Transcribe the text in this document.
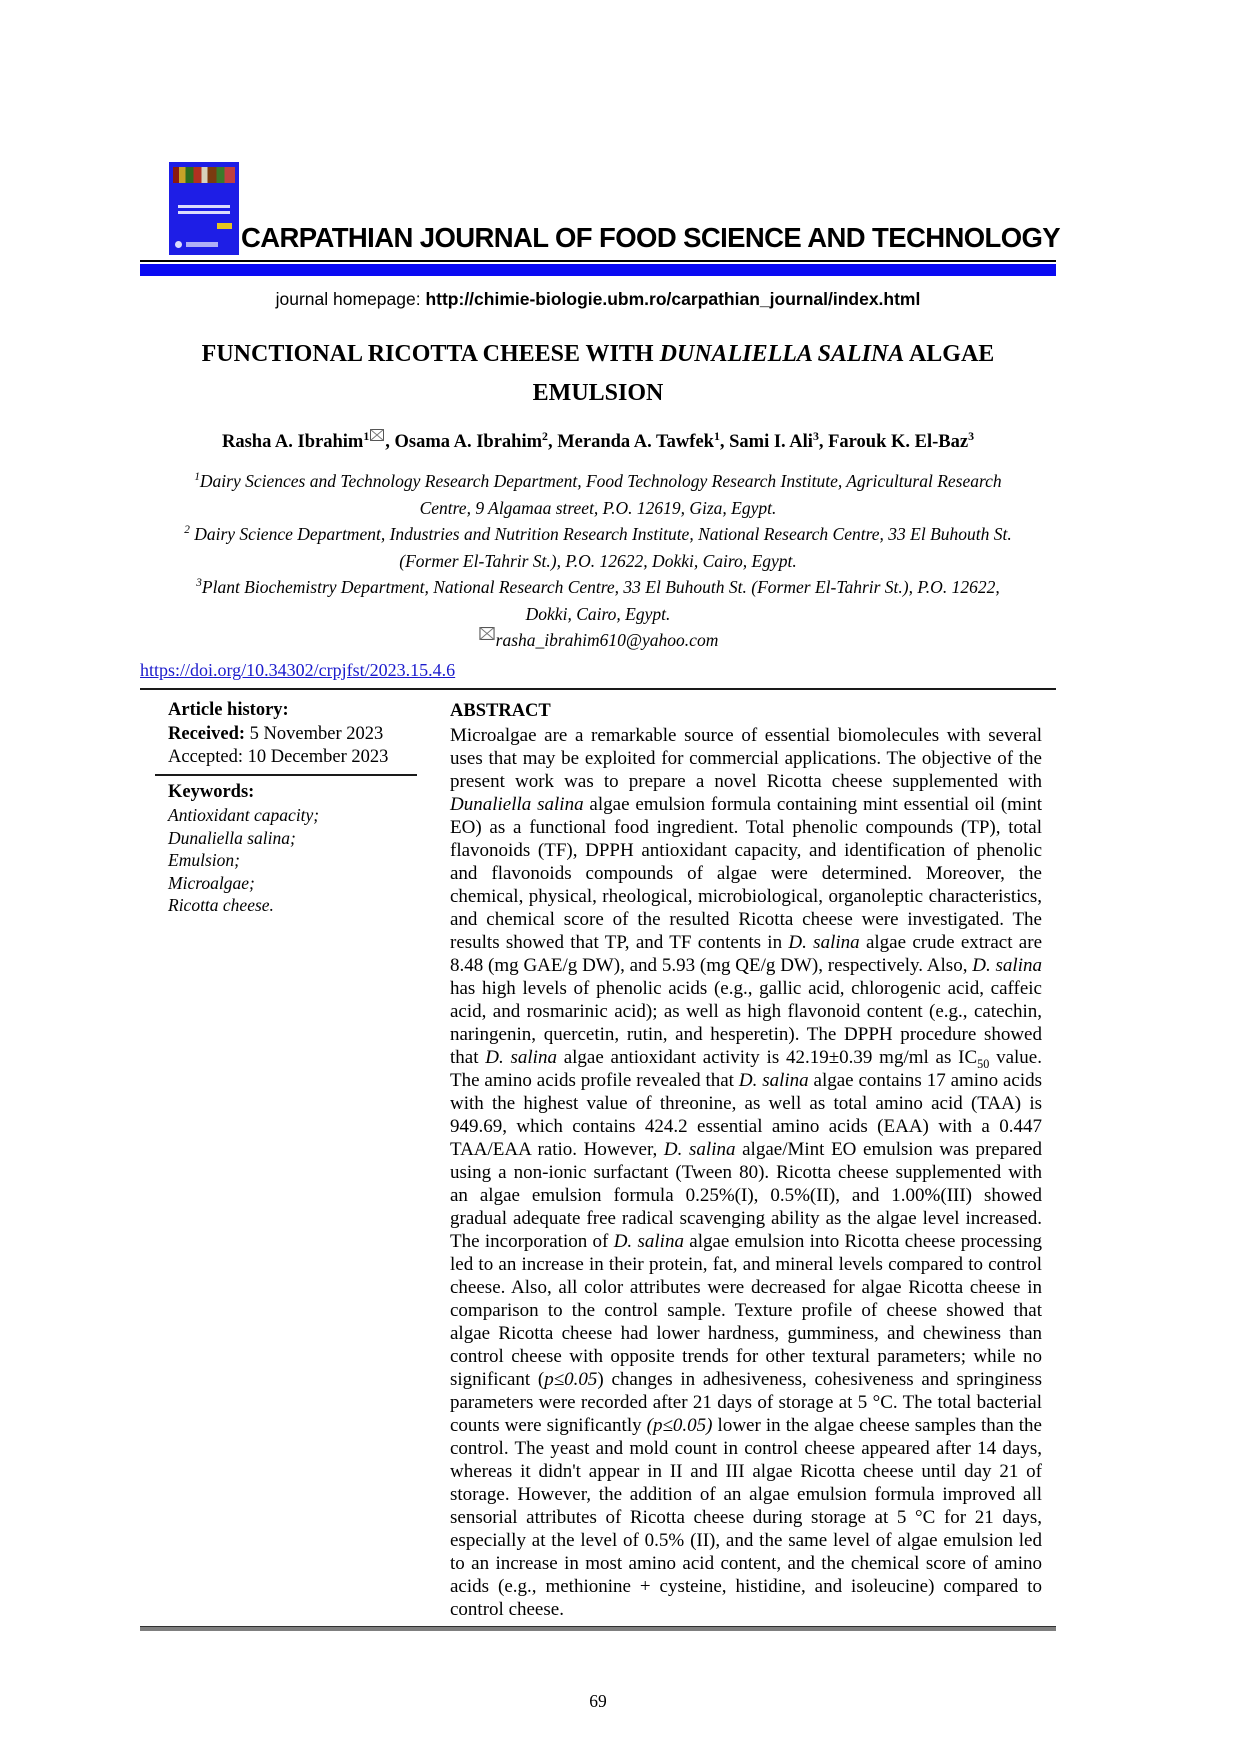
CARPATHIAN JOURNAL OF FOOD SCIENCE AND TECHNOLOGY
journal homepage: http://chimie-biologie.ubm.ro/carpathian_journal/index.html
FUNCTIONAL RICOTTA CHEESE WITH DUNALIELLA SALINA ALGAE EMULSION
Rasha A. Ibrahim$^1$ , Osama A. Ibrahim$^2$, Meranda A. Tawfek$^1$, Sami I. Ali$^3$, Farouk K. El-Baz$^3$

$^1$Dairy Sciences and Technology Research Department, Food Technology Research Institute, Agricultural Research Centre, 9 Algamaa street, P.O. 12619, Giza, Egypt.

$^2$ Dairy Science Department, Industries and Nutrition Research Institute, National Research Centre, 33 El Buhouth St. (Former El-Tahrir St.), P.O. 12622, Dokki, Cairo, Egypt.

$^3$Plant Biochemistry Department, National Research Centre, 33 El Buhouth St. (Former El-Tahrir St.), P.O. 12622, Dokki, Cairo, Egypt.

rasha_ibrahim610@yahoo.com
https://doi.org/10.34302/crpjfst/2023.15.4.6
Article history:
Received: 5 November 2023
Accepted: 10 December 2023
Keywords:
Antioxidant capacity;
Dunaliella salina;
Emulsion;
Microalgae;
Ricotta cheese.
ABSTRACT

Microalgae are a remarkable source of essential biomolecules with several uses that may be exploited for commercial applications. The objective of the present work was to prepare a novel Ricotta cheese supplemented with Dunaliella salina algae emulsion formula containing mint essential oil (mint EO) as a functional food ingredient. Total phenolic compounds (TP), total flavonoids (TF), DPPH antioxidant capacity, and identification of phenolic and flavonoids compounds of algae were determined. Moreover, the chemical, physical, rheological, microbiological, organoleptic characteristics, and chemical score of the resulted Ricotta cheese were investigated. The results showed that TP, and TF contents in D. salina algae crude extract are 8.48 (mg GAE/g DW), and 5.93 (mg QE/g DW), respectively. Also, D. salina has high levels of phenolic acids (e.g., gallic acid, chlorogenic acid, caffeic acid, and rosmarinic acid); as well as high flavonoid content (e.g., catechin, naringenin, quercetin, rutin, and hesperetin). The DPPH procedure showed that D. salina algae antioxidant activity is 42.19±0.39 mg/ml as $IC_{50}$ value. The amino acids profile revealed that D. salina algae contains 17 amino acids with the highest value of threonine, as well as total amino acid (TAA) is 949.69, which contains 424.2 essential amino acids (EAA) with a 0.447 TAA/EAA ratio. However, D. salina algae/Mint EO emulsion was prepared using a non-ionic surfactant (Tween 80). Ricotta cheese supplemented with an algae emulsion formula 0.25%(I), 0.5%(II), and 1.00%(III) showed gradual adequate free radical scavenging ability as the algae level increased. The incorporation of D. salina algae emulsion into Ricotta cheese processing led to an increase in their protein, fat, and mineral levels compared to control cheese. Also, all color attributes were decreased for algae Ricotta cheese in comparison to the control sample. Texture profile of cheese showed that algae Ricotta cheese had lower hardness, gumminess, and chewiness than control cheese with opposite trends for other textural parameters; while no significant (p≤0.05) changes in adhesiveness, cohesiveness and springiness parameters were recorded after 21 days of storage at 5 °C. The total bacterial counts were significantly (p≤0.05) lower in the algae cheese samples than the control. The yeast and mold count in control cheese appeared after 14 days, whereas it didn't appear in II and III algae Ricotta cheese until day 21 of storage. However, the addition of an algae emulsion formula improved all sensorial attributes of Ricotta cheese during storage at 5 °C for 21 days, especially at the level of 0.5% (II), and the same level of algae emulsion led to an increase in most amino acid content, and the chemical score of amino acids (e.g., methionine + cysteine, histidine, and isoleucine) compared to control cheese.

69
